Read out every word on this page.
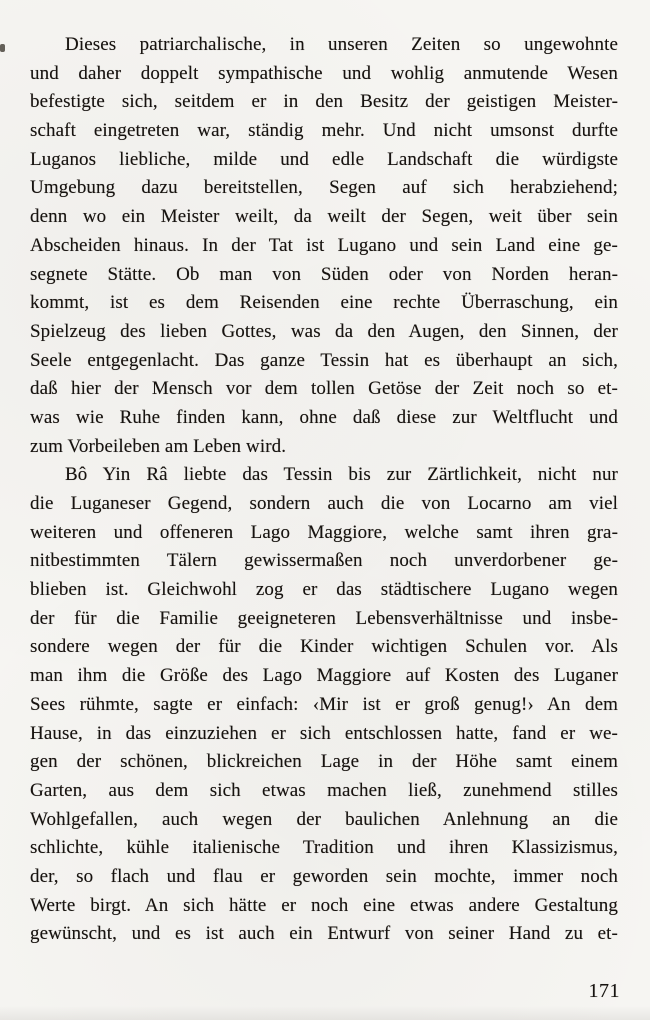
Dieses patriarchalische, in unseren Zeiten so ungewohnte
und daher doppelt sympathische und wohlig anmutende Wesen
befestigte sich, seitdem er in den Besitz der geistigen Meister-
schaft eingetreten war, ständig mehr. Und nicht umsonst durfte
Luganos liebliche, milde und edle Landschaft die würdigste
Umgebung dazu bereitstellen, Segen auf sich herabziehend;
denn wo ein Meister weilt, da weilt der Segen, weit über sein
Abscheiden hinaus. In der Tat ist Lugano und sein Land eine ge-
segnete Stätte. Ob man von Süden oder von Norden heran-
kommt, ist es dem Reisenden eine rechte Überraschung, ein
Spielzeug des lieben Gottes, was da den Augen, den Sinnen, der
Seele entgegenlacht. Das ganze Tessin hat es überhaupt an sich,
daß hier der Mensch vor dem tollen Getöse der Zeit noch so et-
was wie Ruhe finden kann, ohne daß diese zur Weltflucht und
zum Vorbeileben am Leben wird.
Bô Yin Râ liebte das Tessin bis zur Zärtlichkeit, nicht nur
die Luganeser Gegend, sondern auch die von Locarno am viel
weiteren und offeneren Lago Maggiore, welche samt ihren gra-
nitbestimmten Tälern gewissermaßen noch unverdorbener ge-
blieben ist. Gleichwohl zog er das städtischere Lugano wegen
der für die Familie geeigneteren Lebensverhältnisse und insbe-
sondere wegen der für die Kinder wichtigen Schulen vor. Als
man ihm die Größe des Lago Maggiore auf Kosten des Luganer
Sees rühmte, sagte er einfach: ‹Mir ist er groß genug!› An dem
Hause, in das einzuziehen er sich entschlossen hatte, fand er we-
gen der schönen, blickreichen Lage in der Höhe samt einem
Garten, aus dem sich etwas machen ließ, zunehmend stilles
Wohlgefallen, auch wegen der baulichen Anlehnung an die
schlichte, kühle italienische Tradition und ihren Klassizismus,
der, so flach und flau er geworden sein mochte, immer noch
Werte birgt. An sich hätte er noch eine etwas andere Gestaltung
gewünscht, und es ist auch ein Entwurf von seiner Hand zu et-
171
